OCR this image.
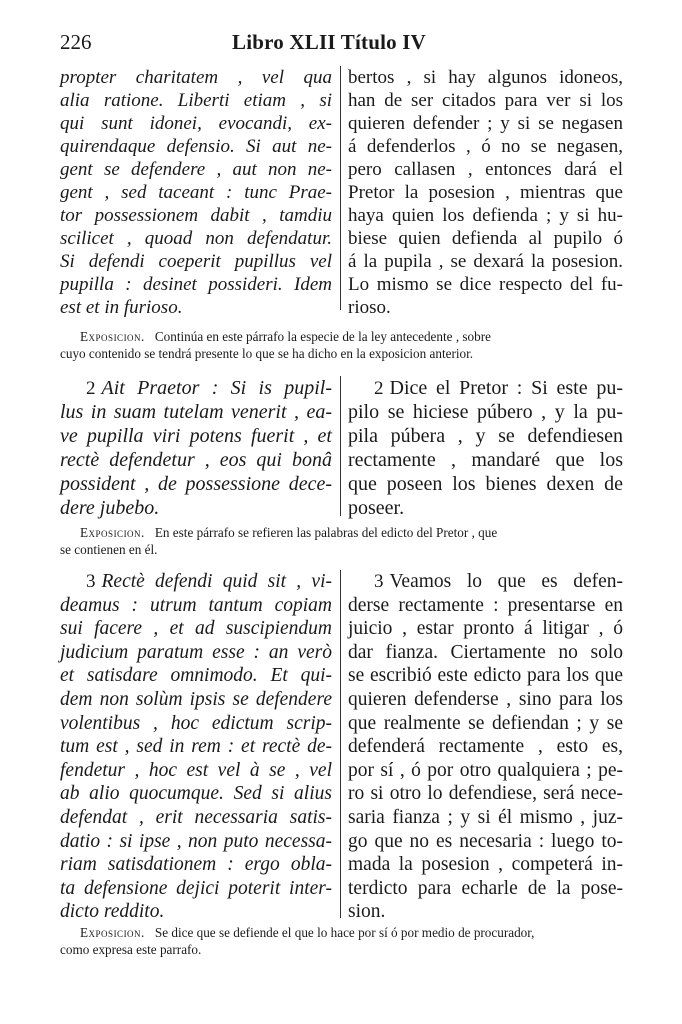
226	Libro XLII Título IV
propter charitatem , vel qua
alia ratione. Liberti etiam , si
qui sunt idonei, evocandi, ex-
quirendaque defensio. Si aut ne-
gent se defendere , aut non ne-
gent , sed taceant : tunc Prae-
tor possessionem dabit , tamdiu
scilicet , quoad non defendatur.
Si defendi coeperit pupillus vel
pupilla : desinet possideri. Idem
est et in furioso.
bertos , si hay algunos idoneos,
han de ser citados para ver si los
quieren defender ; y si se negasen
á defenderlos , ó no se negasen,
pero callasen , entonces dará el
Pretor la posesion , mientras que
haya quien los defienda ; y si hu-
biese quien defienda al pupilo ó
á la pupila , se dexará la posesion.
Lo mismo se dice respecto del fu-
rioso.
Exposicion. Continúa en este párrafo la especie de la ley antecedente , sobre
cuyo contenido se tendrá presente lo que se ha dicho en la exposicion anterior.
2 Ait Praetor : Si is pupil-
lus in suam tutelam venerit , ea-
ve pupilla viri potens fuerit , et
rectè defendetur , eos qui bonâ
possident , de possessione dece-
dere jubebo.
2 Dice el Pretor : Si este pu-
pilo se hiciese púbero , y la pu-
pila púbera , y se defendiesen
rectamente , mandaré que los
que poseen los bienes dexen de
poseer.
Exposicion. En este párrafo se refieren las palabras del edicto del Pretor , que
se contienen en él.
3 Rectè defendi quid sit , vi-
deamus : utrum tantum copiam
sui facere , et ad suscipiendum
judicium paratum esse : an verò
et satisdare omnimodo. Et qui-
dem non solùm ipsis se defendere
volentibus , hoc edictum scrip-
tum est , sed in rem : et rectè de-
fendetur , hoc est vel à se , vel
ab alio quocumque. Sed si alius
defendat , erit necessaria satis-
datio : si ipse , non puto necessa-
riam satisdationem : ergo obla-
ta defensione dejici poterit inter-
dicto reddito.
3 Veamos lo que es defen-
derse rectamente : presentarse en
juicio , estar pronto á litigar , ó
dar fianza. Ciertamente no solo
se escribió este edicto para los que
quieren defenderse , sino para los
que realmente se defiendan ; y se
defenderá rectamente , esto es,
por sí , ó por otro qualquiera ; pe-
ro si otro lo defendiese, será nece-
saria fianza ; y si él mismo , juz-
go que no es necesaria : luego to-
mada la posesion , competerá in-
terdicto para echarle de la pose-
sion.
Exposicion. Se dice que se defiende el que lo hace por sí ó por medio de procurador,
como expresa este parrafo.
